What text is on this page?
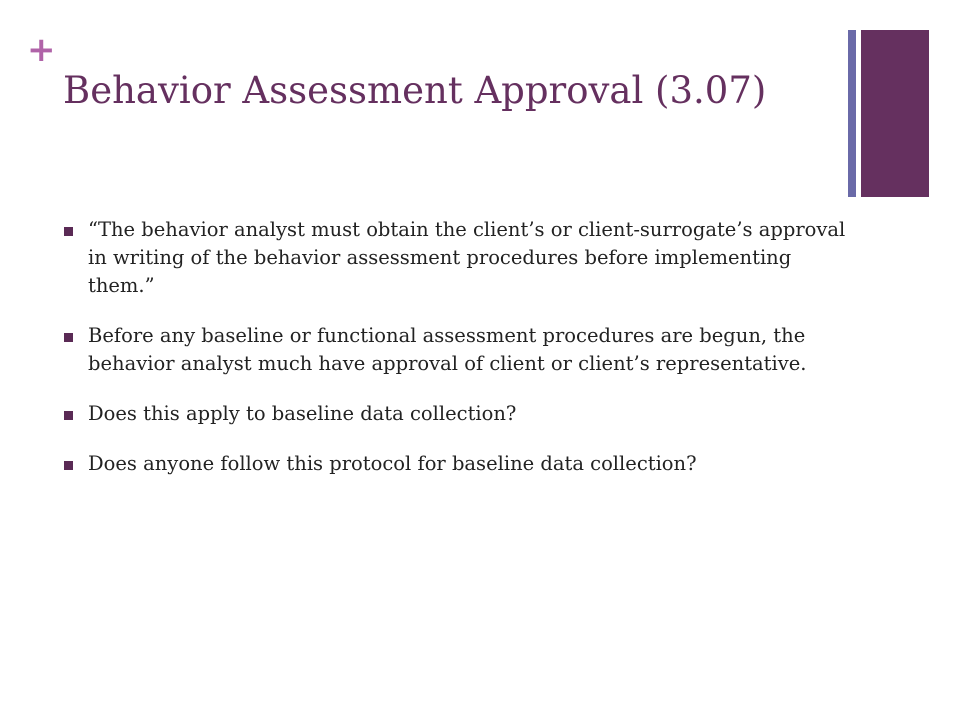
+
Behavior Assessment Approval (3.07)
“The behavior analyst must obtain the client’s or client-surrogate’s approval in writing of the behavior assessment procedures before implementing them.”
Before any baseline or functional assessment procedures are begun, the behavior analyst much have approval of client or client’s representative.
Does this apply to baseline data collection?
Does anyone follow this protocol for baseline data collection?
